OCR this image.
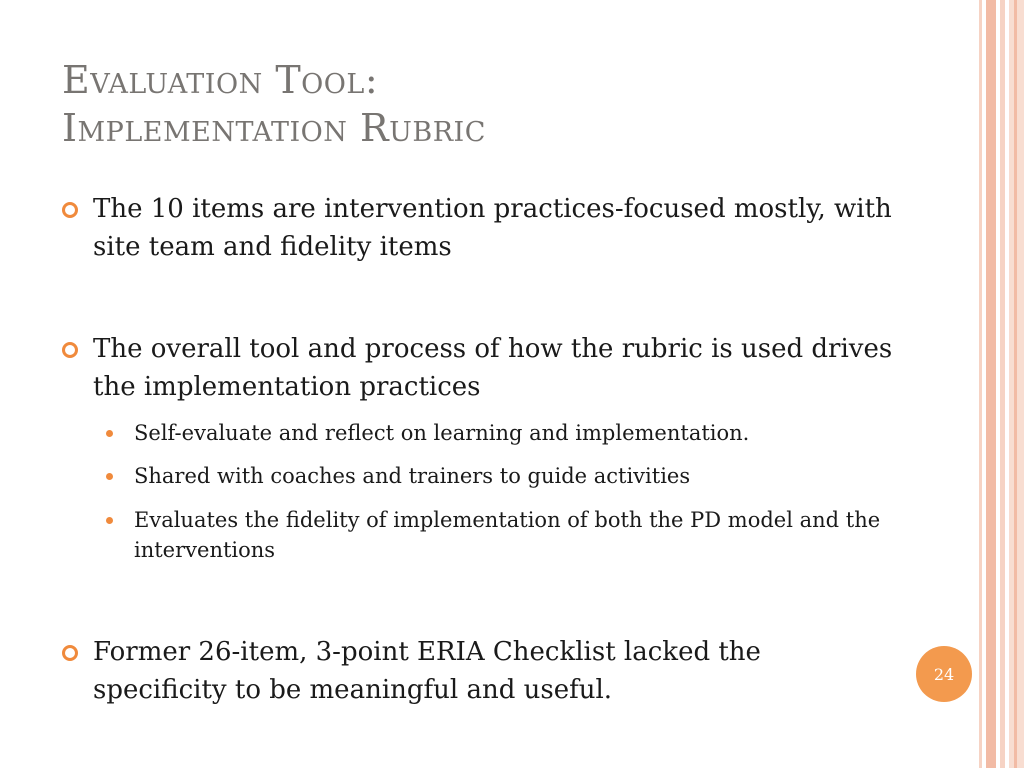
Evaluation Tool:
Implementation Rubric
The 10 items are intervention practices-focused mostly, with site team and fidelity items
The overall tool and process of how the rubric is used drives the implementation practices
Self-evaluate and reflect on learning and implementation.
Shared with coaches and trainers to guide activities
Evaluates the fidelity of implementation of both the PD model and the interventions
Former 26-item, 3-point ERIA Checklist lacked the specificity to be meaningful and useful.
24
